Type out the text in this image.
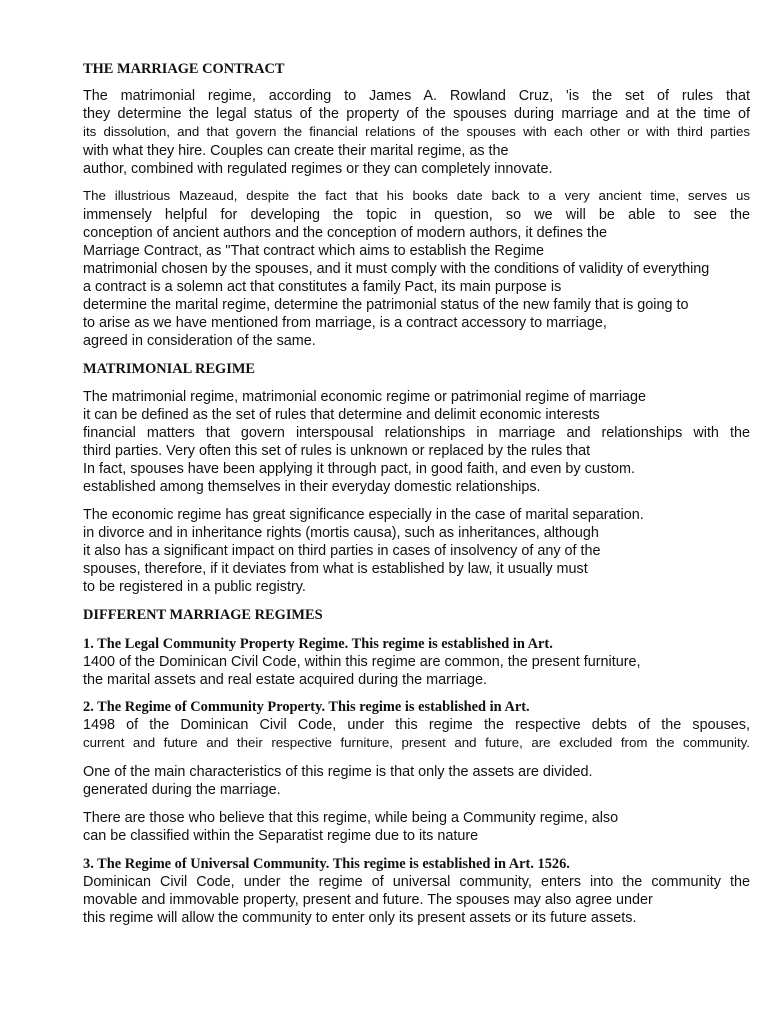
THE MARRIAGE CONTRACT

The matrimonial regime, according to James A. Rowland Cruz, 'is the set of rules that

they determine the legal status of the property of the spouses during marriage and at the time of

its dissolution, and that govern the financial relations of the spouses with each other or with third parties

with what they hire. Couples can create their marital regime, as the

author, combined with regulated regimes or they can completely innovate.

The illustrious Mazeaud, despite the fact that his books date back to a very ancient time, serves us

immensely helpful for developing the topic in question, so we will be able to see the

conception of ancient authors and the conception of modern authors, it defines the

Marriage Contract, as "That contract which aims to establish the Regime

matrimonial chosen by the spouses, and it must comply with the conditions of validity of everything

a contract is a solemn act that constitutes a family Pact, its main purpose is

determine the marital regime, determine the patrimonial status of the new family that is going to

to arise as we have mentioned from marriage, is a contract accessory to marriage,

agreed in consideration of the same.

MATRIMONIAL REGIME

The matrimonial regime, matrimonial economic regime or patrimonial regime of marriage

it can be defined as the set of rules that determine and delimit economic interests

financial matters that govern interspousal relationships in marriage and relationships with the

third parties. Very often this set of rules is unknown or replaced by the rules that

In fact, spouses have been applying it through pact, in good faith, and even by custom.

established among themselves in their everyday domestic relationships.

The economic regime has great significance especially in the case of marital separation.

in divorce and in inheritance rights (mortis causa), such as inheritances, although

it also has a significant impact on third parties in cases of insolvency of any of the

spouses, therefore, if it deviates from what is established by law, it usually must

to be registered in a public registry.

DIFFERENT MARRIAGE REGIMES

1. The Legal Community Property Regime. This regime is established in Art.

1400 of the Dominican Civil Code, within this regime are common, the present furniture,

the marital assets and real estate acquired during the marriage.

2. The Regime of Community Property. This regime is established in Art.

1498 of the Dominican Civil Code, under this regime the respective debts of the spouses,

current and future and their respective furniture, present and future, are excluded from the community.

One of the main characteristics of this regime is that only the assets are divided.

generated during the marriage.

There are those who believe that this regime, while being a Community regime, also

can be classified within the Separatist regime due to its nature

3. The Regime of Universal Community. This regime is established in Art. 1526.

Dominican Civil Code, under the regime of universal community, enters into the community the

movable and immovable property, present and future. The spouses may also agree under

this regime will allow the community to enter only its present assets or its future assets.
